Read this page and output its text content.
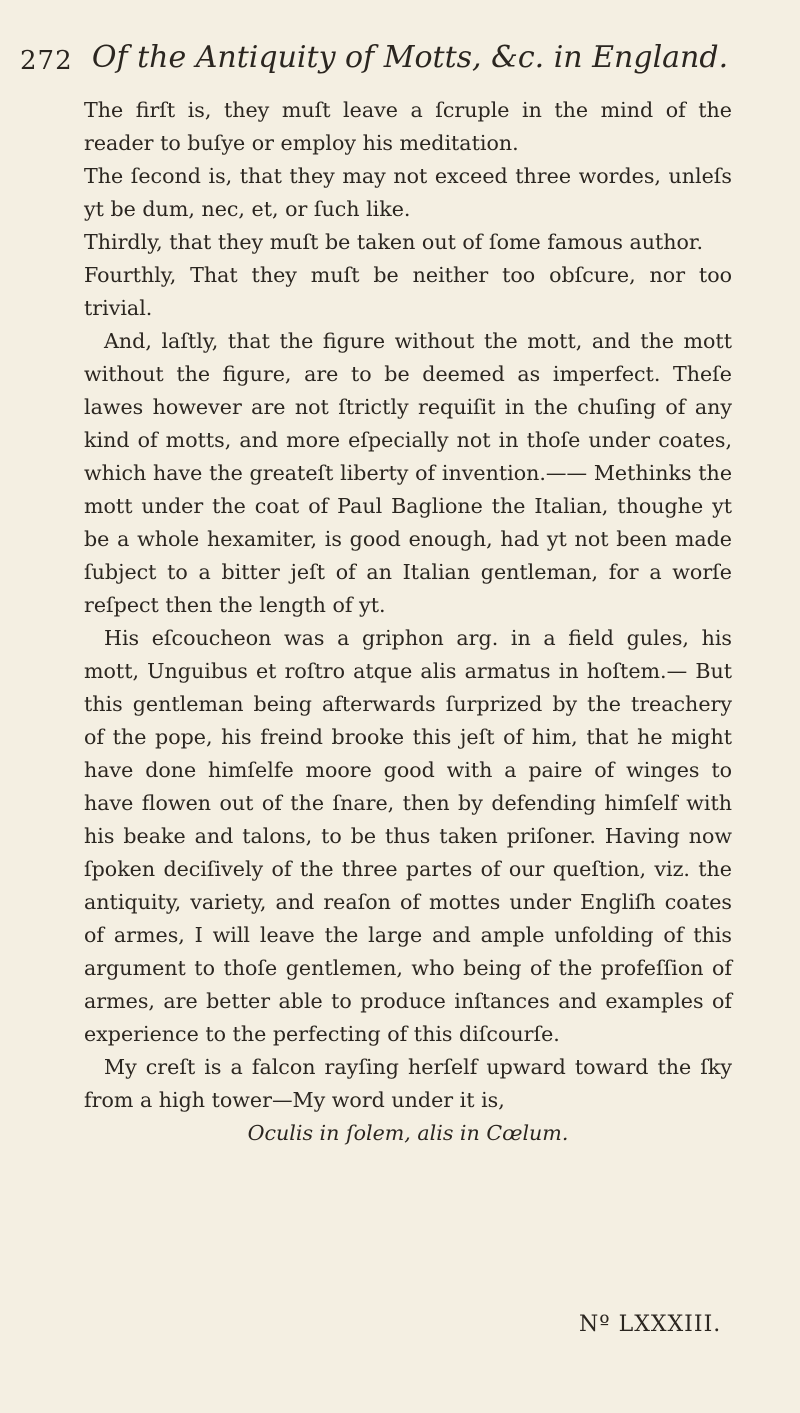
272 Of the Antiquity of Motts, &c. in England.

The firſt is, they muſt leave a ſcruple in the mind of the reader to buſye or employ his meditation.

The ſecond is, that they may not exceed three wordes, unleſs yt be dum, nec, et, or ſuch like.

Thirdly, that they muſt be taken out of ſome famous author.

Fourthly, That they muſt be neither too obſcure, nor too trivial.

And, laſtly, that the figure without the mott, and the mott without the figure, are to be deemed as imperfect. Theſe lawes however are not ſtrictly requiſit in the chuſing of any kind of motts, and more eſpecially not in thoſe under coates, which have the greateſt liberty of invention.—— Methinks the mott under the coat of Paul Baglione the Italian, thoughe yt be a whole hexamiter, is good enough, had yt not been made ſubject to a bitter jeſt of an Italian gentleman, for a worſe reſpect then the length of yt.

His eſcoucheon was a griphon arg. in a field gules, his mott, Unguibus et roſtro atque alis armatus in hoſtem.— But this gentleman being afterwards ſurprized by the treachery of the pope, his freind brooke this jeſt of him, that he might have done himſelfe moore good with a paire of winges to have flowen out of the ſnare, then by defending himſelf with his beake and talons, to be thus taken priſoner. Having now ſpoken deciſively of the three partes of our queſtion, viz. the antiquity, variety, and reaſon of mottes under Engliſh coates of armes, I will leave the large and ample unfolding of this argument to thoſe gentlemen, who being of the profeſſion of armes, are better able to produce inſtances and examples of experience to the perfecting of this diſcourſe.

My creſt is a falcon rayſing herſelf upward toward the ſky from a high tower—My word under it is,

Oculis in ſolem, alis in Cœlum.

Nº LXXXIII.
